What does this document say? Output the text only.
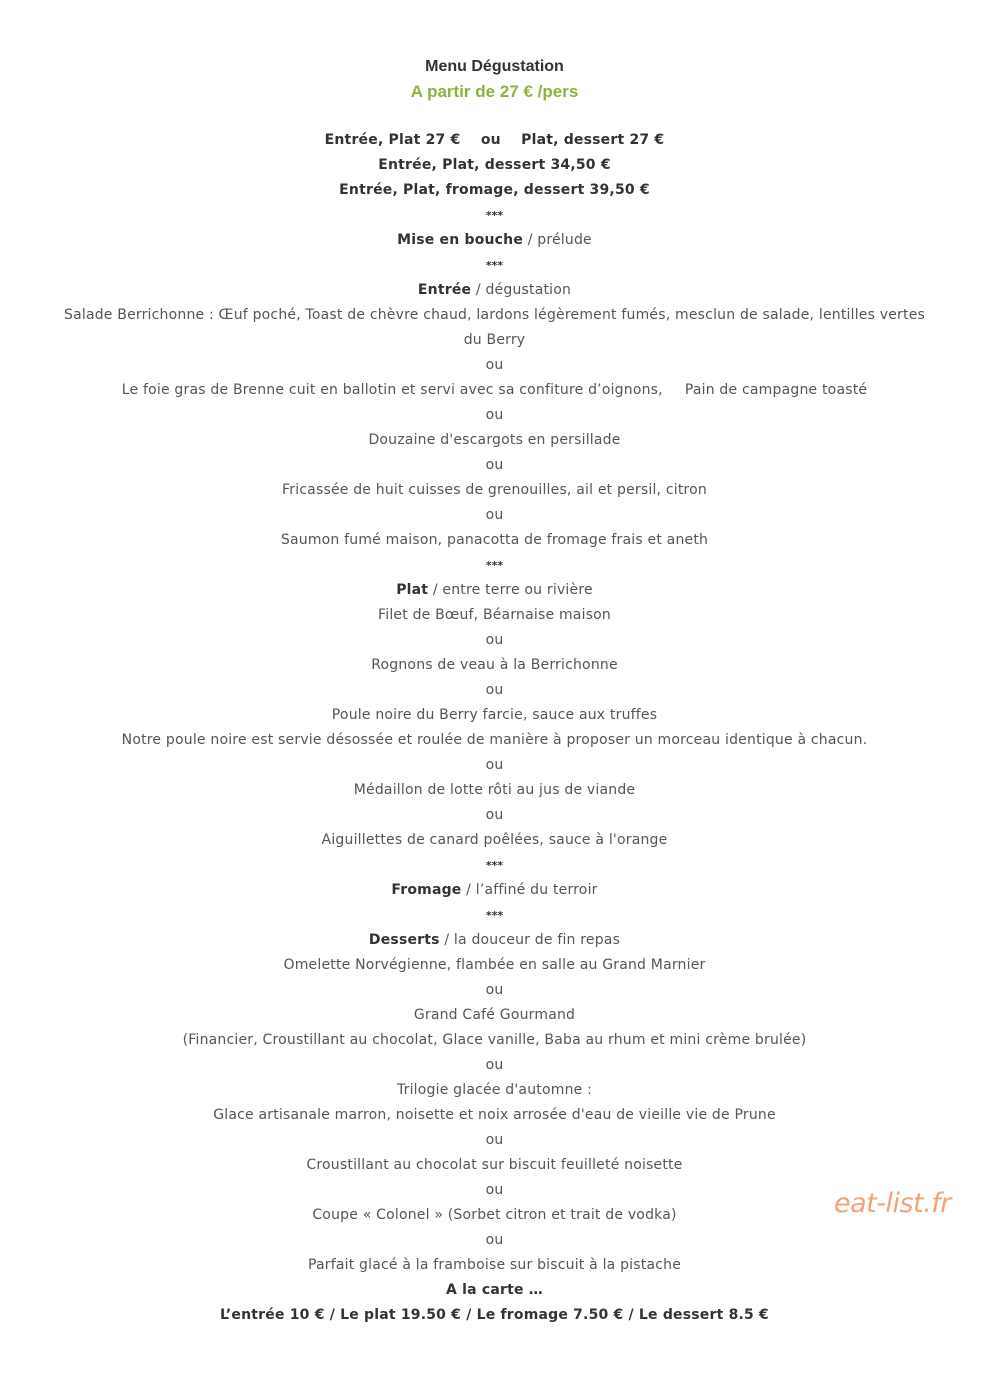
Menu Dégustation
A partir de 27 € /pers
Entrée, Plat 27 € ou Plat, dessert 27 €
Entrée, Plat, dessert 34,50 €
Entrée, Plat, fromage, dessert 39,50 €
***
Mise en bouche / prélude
***
Entrée / dégustation
Salade Berrichonne : Œuf poché, Toast de chèvre chaud, lardons légèrement fumés, mesclun de salade, lentilles vertes du Berry
ou
Le foie gras de Brenne cuit en ballotin et servi avec sa confiture d’oignons, Pain de campagne toasté
ou
Douzaine d'escargots en persillade
ou
Fricassée de huit cuisses de grenouilles, ail et persil, citron
ou
Saumon fumé maison, panacotta de fromage frais et aneth
***
Plat / entre terre ou rivière
Filet de Bœuf, Béarnaise maison
ou
Rognons de veau à la Berrichonne
ou
Poule noire du Berry farcie, sauce aux truffes
Notre poule noire est servie désossée et roulée de manière à proposer un morceau identique à chacun.
ou
Médaillon de lotte rôti au jus de viande
ou
Aiguillettes de canard poêlées, sauce à l'orange
***
Fromage / l’affiné du terroir
***
Desserts / la douceur de fin repas
Omelette Norvégienne, flambée en salle au Grand Marnier
ou
Grand Café Gourmand
(Financier, Croustillant au chocolat, Glace vanille, Baba au rhum et mini crème brulée)
ou
Trilogie glacée d'automne :
Glace artisanale marron, noisette et noix arrosée d'eau de vieille vie de Prune
ou
Croustillant au chocolat sur biscuit feuilleté noisette
ou
Coupe « Colonel » (Sorbet citron et trait de vodka)
ou
Parfait glacé à la framboise sur biscuit à la pistache
A la carte …
L’entrée 10 € / Le plat 19.50 € / Le fromage 7.50 € / Le dessert 8.5 €
eat-list.fr
